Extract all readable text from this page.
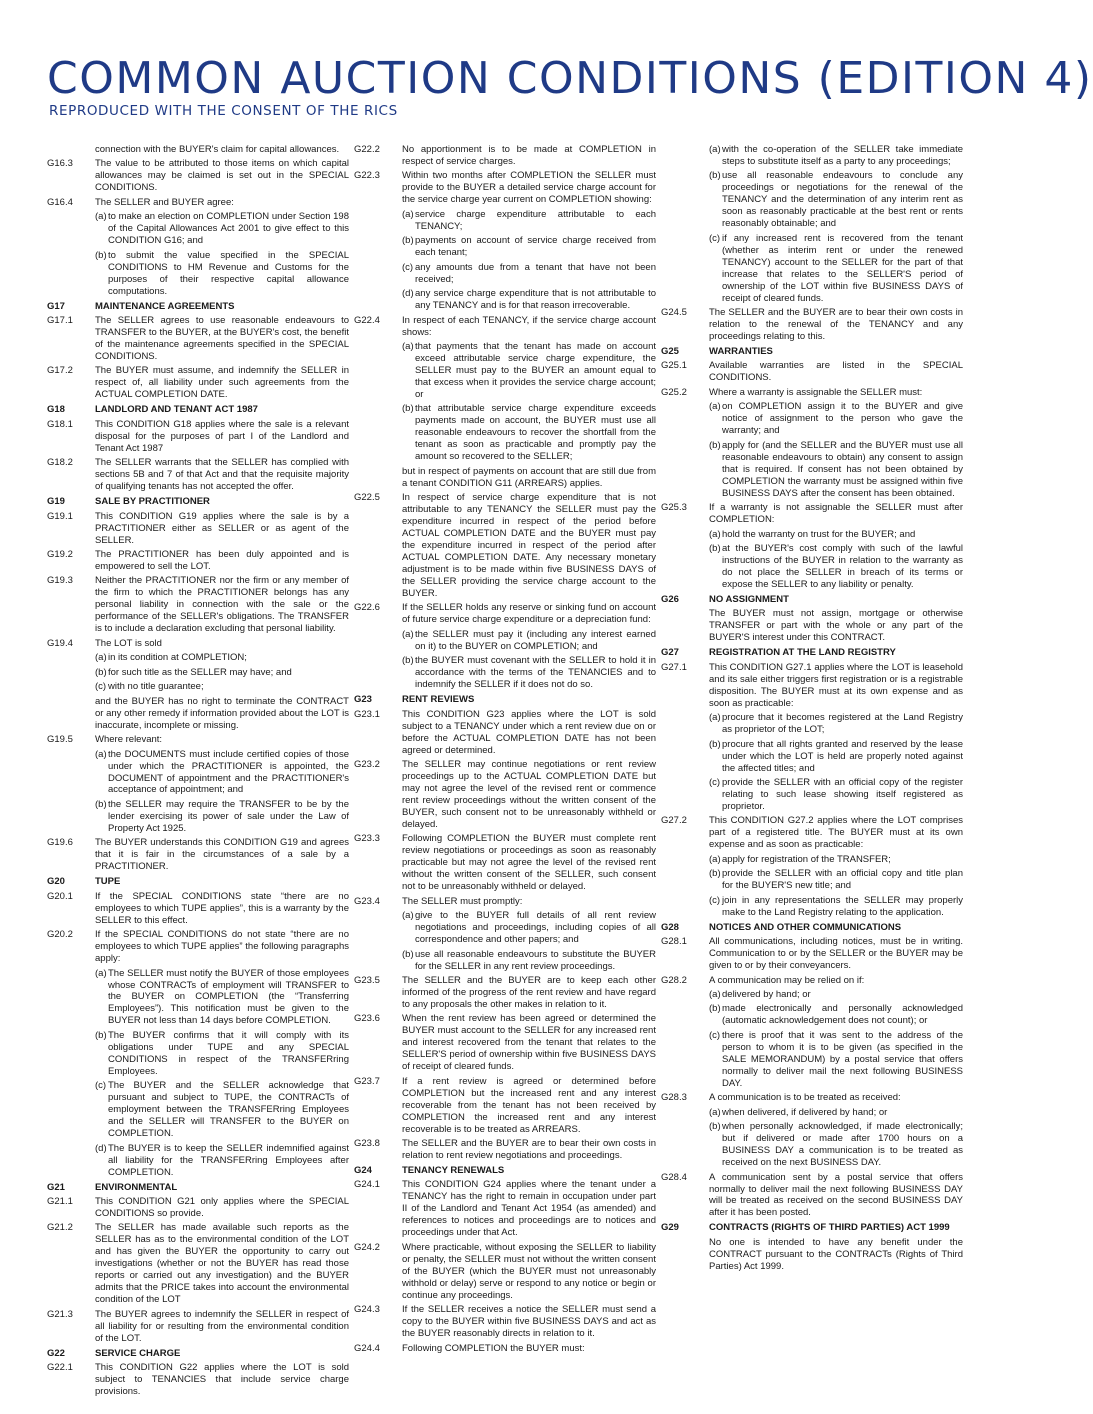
COMMON AUCTION CONDITIONS (EDITION 4)
REPRODUCED WITH THE CONSENT OF THE RICS
connection with the BUYER's claim for capital allowances.
G16.3	The value to be attributed to those items on which capital allowances may be claimed is set out in the SPECIAL CONDITIONS.
G16.4	The SELLER and BUYER agree:
(a) to make an election on COMPLETION under Section 198 of the Capital Allowances Act 2001 to give effect to this CONDITION G16; and
(b) to submit the value specified in the SPECIAL CONDITIONS to HM Revenue and Customs for the purposes of their respective capital allowance computations.
G17	MAINTENANCE AGREEMENTS
G17.1	The SELLER agrees to use reasonable endeavours to TRANSFER to the BUYER, at the BUYER's cost, the benefit of the maintenance agreements specified in the SPECIAL CONDITIONS.
G17.2	The BUYER must assume, and indemnify the SELLER in respect of, all liability under such agreements from the ACTUAL COMPLETION DATE.
G18	LANDLORD AND TENANT ACT 1987
G18.1	This CONDITION G18 applies where the sale is a relevant disposal for the purposes of part I of the Landlord and Tenant Act 1987
G18.2	The SELLER warrants that the SELLER has complied with sections 5B and 7 of that Act and that the requisite majority of qualifying tenants has not accepted the offer.
G19	SALE BY PRACTITIONER
G19.1	This CONDITION G19 applies where the sale is by a PRACTITIONER either as SELLER or as agent of the SELLER.
G19.2	The PRACTITIONER has been duly appointed and is empowered to sell the LOT.
G19.3	Neither the PRACTITIONER nor the firm or any member of the firm to which the PRACTITIONER belongs has any personal liability in connection with the sale or the performance of the SELLER's obligations. The TRANSFER is to include a declaration excluding that personal liability.
G19.4	The LOT is sold
(a) in its condition at COMPLETION;
(b) for such title as the SELLER may have; and
(c) with no title guarantee;
and the BUYER has no right to terminate the CONTRACT or any other remedy if information provided about the LOT is inaccurate, incomplete or missing.
G19.5	Where relevant:
(a) the DOCUMENTS must include certified copies of those under which the PRACTITIONER is appointed, the DOCUMENT of appointment and the PRACTITIONER's acceptance of appointment; and
(b) the SELLER may require the TRANSFER to be by the lender exercising its power of sale under the Law of Property Act 1925.
G19.6	The BUYER understands this CONDITION G19 and agrees that it is fair in the circumstances of a sale by a PRACTITIONER.
G20	TUPE
G20.1	If the SPECIAL CONDITIONS state “there are no employees to which TUPE applies”, this is a warranty by the SELLER to this effect.
G20.2	If the SPECIAL CONDITIONS do not state “there are no employees to which TUPE applies” the following paragraphs apply:
(a) The SELLER must notify the BUYER of those employees whose CONTRACTs of employment will TRANSFER to the BUYER on COMPLETION (the “Transferring Employees”). This notification must be given to the BUYER not less than 14 days before COMPLETION.
(b) The BUYER confirms that it will comply with its obligations under TUPE and any SPECIAL CONDITIONS in respect of the TRANSFERring Employees.
(c) The BUYER and the SELLER acknowledge that pursuant and subject to TUPE, the CONTRACTs of employment between the TRANSFERring Employees and the SELLER will TRANSFER to the BUYER on COMPLETION.
(d) The BUYER is to keep the SELLER indemnified against all liability for the TRANSFERring Employees after COMPLETION.
G21	ENVIRONMENTAL
G21.1	This CONDITION G21 only applies where the SPECIAL CONDITIONS so provide.
G21.2	The SELLER has made available such reports as the SELLER has as to the environmental condition of the LOT and has given the BUYER the opportunity to carry out investigations (whether or not the BUYER has read those reports or carried out any investigation) and the BUYER admits that the PRICE takes into account the environmental condition of the LOT
G21.3	The BUYER agrees to indemnify the SELLER in respect of all liability for or resulting from the environmental condition of the LOT.
G22	SERVICE CHARGE
G22.1	This CONDITION G22 applies where the LOT is sold subject to TENANCIES that include service charge provisions.
G22.2	No apportionment is to be made at COMPLETION in respect of service charges.
G22.3	Within two months after COMPLETION the SELLER must provide to the BUYER a detailed service charge account for the service charge year current on COMPLETION showing:
(a) service charge expenditure attributable to each TENANCY;
(b) payments on account of service charge received from each tenant;
(c) any amounts due from a tenant that have not been received;
(d) any service charge expenditure that is not attributable to any TENANCY and is for that reason irrecoverable.
G22.4	In respect of each TENANCY, if the service charge account shows:
(a) that payments that the tenant has made on account exceed attributable service charge expenditure, the SELLER must pay to the BUYER an amount equal to that excess when it provides the service charge account; or
(b) that attributable service charge expenditure exceeds payments made on account, the BUYER must use all reasonable endeavours to recover the shortfall from the tenant as soon as practicable and promptly pay the amount so recovered to the SELLER;
but in respect of payments on account that are still due from a tenant CONDITION G11 (ARREARS) applies.
G22.5	In respect of service charge expenditure that is not attributable to any TENANCY the SELLER must pay the expenditure incurred in respect of the period before ACTUAL COMPLETION DATE and the BUYER must pay the expenditure incurred in respect of the period after ACTUAL COMPLETION DATE. Any necessary monetary adjustment is to be made within five BUSINESS DAYS of the SELLER providing the service charge account to the BUYER.
G22.6	If the SELLER holds any reserve or sinking fund on account of future service charge expenditure or a depreciation fund:
(a) the SELLER must pay it (including any interest earned on it) to the BUYER on COMPLETION; and
(b) the BUYER must covenant with the SELLER to hold it in accordance with the terms of the TENANCIES and to indemnify the SELLER if it does not do so.
G23	RENT REVIEWS
G23.1	This CONDITION G23 applies where the LOT is sold subject to a TENANCY under which a rent review due on or before the ACTUAL COMPLETION DATE has not been agreed or determined.
G23.2	The SELLER may continue negotiations or rent review proceedings up to the ACTUAL COMPLETION DATE but may not agree the level of the revised rent or commence rent review proceedings without the written consent of the BUYER, such consent not to be unreasonably withheld or delayed.
G23.3	Following COMPLETION the BUYER must complete rent review negotiations or proceedings as soon as reasonably practicable but may not agree the level of the revised rent without the written consent of the SELLER, such consent not to be unreasonably withheld or delayed.
G23.4	The SELLER must promptly:
(a) give to the BUYER full details of all rent review negotiations and proceedings, including copies of all correspondence and other papers; and
(b) use all reasonable endeavours to substitute the BUYER for the SELLER in any rent review proceedings.
G23.5	The SELLER and the BUYER are to keep each other informed of the progress of the rent review and have regard to any proposals the other makes in relation to it.
G23.6	When the rent review has been agreed or determined the BUYER must account to the SELLER for any increased rent and interest recovered from the tenant that relates to the SELLER'S period of ownership within five BUSINESS DAYS of receipt of cleared funds.
G23.7	If a rent review is agreed or determined before COMPLETION but the increased rent and any interest recoverable from the tenant has not been received by COMPLETION the increased rent and any interest recoverable is to be treated as ARREARS.
G23.8	The SELLER and the BUYER are to bear their own costs in relation to rent review negotiations and proceedings.
G24	TENANCY RENEWALS
G24.1	This CONDITION G24 applies where the tenant under a TENANCY has the right to remain in occupation under part II of the Landlord and Tenant Act 1954 (as amended) and references to notices and proceedings are to notices and proceedings under that Act.
G24.2	Where practicable, without exposing the SELLER to liability or penalty, the SELLER must not without the written consent of the BUYER (which the BUYER must not unreasonably withhold or delay) serve or respond to any notice or begin or continue any proceedings.
G24.3	If the SELLER receives a notice the SELLER must send a copy to the BUYER within five BUSINESS DAYS and act as the BUYER reasonably directs in relation to it.
G24.4	Following COMPLETION the BUYER must:
(a) with the co-operation of the SELLER take immediate steps to substitute itself as a party to any proceedings;
(b) use all reasonable endeavours to conclude any proceedings or negotiations for the renewal of the TENANCY and the determination of any interim rent as soon as reasonably practicable at the best rent or rents reasonably obtainable; and
(c) if any increased rent is recovered from the tenant (whether as interim rent or under the renewed TENANCY) account to the SELLER for the part of that increase that relates to the SELLER'S period of ownership of the LOT within five BUSINESS DAYS of receipt of cleared funds.
G24.5	The SELLER and the BUYER are to bear their own costs in relation to the renewal of the TENANCY and any proceedings relating to this.
G25	WARRANTIES
G25.1	Available warranties are listed in the SPECIAL CONDITIONS.
G25.2	Where a warranty is assignable the SELLER must:
(a) on COMPLETION assign it to the BUYER and give notice of assignment to the person who gave the warranty; and
(b) apply for (and the SELLER and the BUYER must use all reasonable endeavours to obtain) any consent to assign that is required. If consent has not been obtained by COMPLETION the warranty must be assigned within five BUSINESS DAYS after the consent has been obtained.
G25.3	If a warranty is not assignable the SELLER must after COMPLETION:
(a) hold the warranty on trust for the BUYER; and
(b) at the BUYER's cost comply with such of the lawful instructions of the BUYER in relation to the warranty as do not place the SELLER in breach of its terms or expose the SELLER to any liability or penalty.
G26	NO ASSIGNMENT
The BUYER must not assign, mortgage or otherwise TRANSFER or part with the whole or any part of the BUYER'S interest under this CONTRACT.
G27	REGISTRATION AT THE LAND REGISTRY
G27.1	This CONDITION G27.1 applies where the LOT is leasehold and its sale either triggers first registration or is a registrable disposition. The BUYER must at its own expense and as soon as practicable:
(a) procure that it becomes registered at the Land Registry as proprietor of the LOT;
(b) procure that all rights granted and reserved by the lease under which the LOT is held are properly noted against the affected titles; and
(c) provide the SELLER with an official copy of the register relating to such lease showing itself registered as proprietor.
G27.2	This CONDITION G27.2 applies where the LOT comprises part of a registered title. The BUYER must at its own expense and as soon as practicable:
(a) apply for registration of the TRANSFER;
(b) provide the SELLER with an official copy and title plan for the BUYER'S new title; and
(c) join in any representations the SELLER may properly make to the Land Registry relating to the application.
G28	NOTICES AND OTHER COMMUNICATIONS
G28.1	All communications, including notices, must be in writing. Communication to or by the SELLER or the BUYER may be given to or by their conveyancers.
G28.2	A communication may be relied on if:
(a) delivered by hand; or
(b) made electronically and personally acknowledged (automatic acknowledgement does not count); or
(c) there is proof that it was sent to the address of the person to whom it is to be given (as specified in the SALE MEMORANDUM) by a postal service that offers normally to deliver mail the next following BUSINESS DAY.
G28.3	A communication is to be treated as received:
(a) when delivered, if delivered by hand; or
(b) when personally acknowledged, if made electronically; but if delivered or made after 1700 hours on a BUSINESS DAY a communication is to be treated as received on the next BUSINESS DAY.
G28.4	A communication sent by a postal service that offers normally to deliver mail the next following BUSINESS DAY will be treated as received on the second BUSINESS DAY after it has been posted.
G29	CONTRACTS (RIGHTS OF THIRD PARTIES) ACT 1999
No one is intended to have any benefit under the CONTRACT pursuant to the CONTRACTs (Rights of Third Parties) Act 1999.
